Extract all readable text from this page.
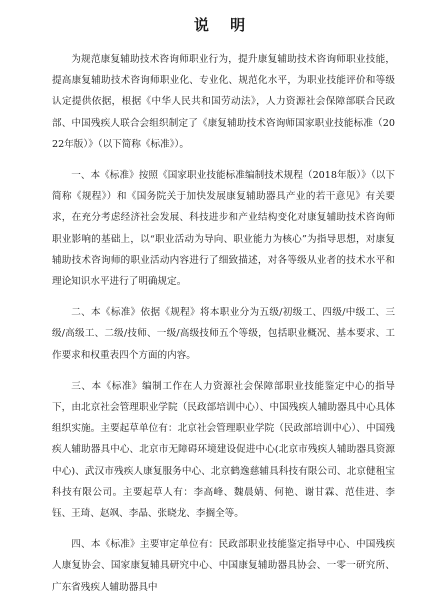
说 明

为规范康复辅助技术咨询师职业行为，提升康复辅助技术咨询师职业技能，提高康复辅助技术咨询师职业化、专业化、规范化水平，为职业技能评价和等级认定提供依据，根据《中华人民共和国劳动法》，人力资源社会保障部联合民政部、中国残疾人联合会组织制定了《康复辅助技术咨询师国家职业技能标准（2022年版）》（以下简称《标准》）。

一、本《标准》按照《国家职业技能标准编制技术规程（2018年版）》（以下简称《规程》）和《国务院关于加快发展康复辅助器具产业的若干意见》有关要求，在充分考虑经济社会发展、科技进步和产业结构变化对康复辅助技术咨询师职业影响的基础上，以“职业活动为导向、职业能力为核心”为指导思想，对康复辅助技术咨询师的职业活动内容进行了细致描述，对各等级从业者的技术水平和理论知识水平进行了明确规定。

二、本《标准》依据《规程》将本职业分为五级/初级工、四级/中级工、三级/高级工、二级/技师、一级/高级技师五个等级，包括职业概况、基本要求、工作要求和权重表四个方面的内容。

三、本《标准》编制工作在人力资源社会保障部职业技能鉴定中心的指导下，由北京社会管理职业学院（民政部培训中心）、中国残疾人辅助器具中心具体组织实施。主要起草单位有：北京社会管理职业学院（民政部培训中心）、中国残疾人辅助器具中心、北京市无障碍环境建设促进中心(北京市残疾人辅助器具资源中心)、武汉市残疾人康复服务中心、北京鹤逸慈辅具科技有限公司、北京健租宝科技有限公司。主要起草人有：李高峰、魏晨婧、何艳、谢甘霖、范佳进、李钰、王琦、赵飒、李晶、张晓龙、李搁全等。

四、本《标准》主要审定单位有：民政部职业技能鉴定指导中心、中国残疾人康复协会、国家康复辅具研究中心、中国康复辅助器具协会、一零一研究所、广东省残疾人辅助器具中
